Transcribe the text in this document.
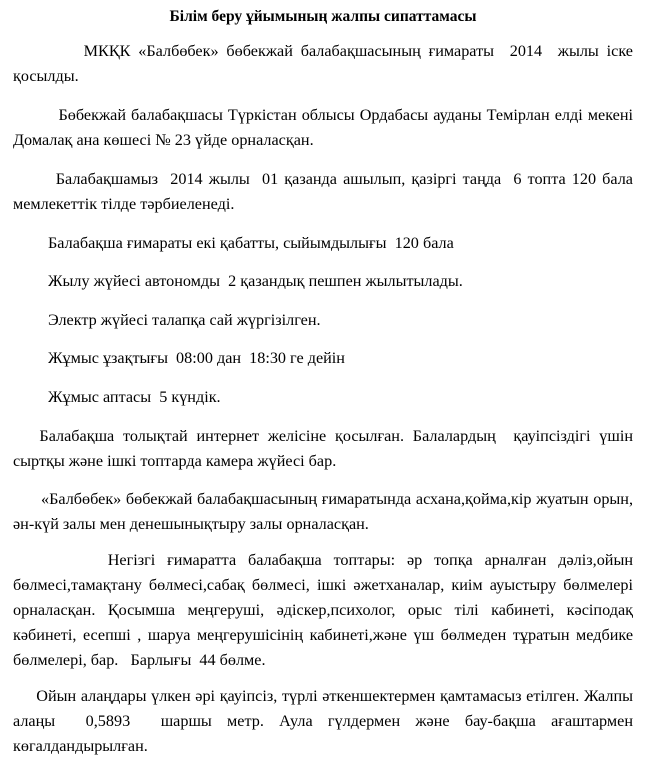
Білім беру ұйымының жалпы сипаттамасы
МКҚК «Балбөбек» бөбекжай балабақшасының ғимараты  2014  жылы іске қосылды.
Бөбекжай балабақшасы Түркістан облысы Ордабасы ауданы Темірлан елді мекені Домалақ ана көшесі № 23 үйде орналасқан.
Балабақшамыз  2014 жылы  01 қазанда ашылып, қазіргі таңда  6 топта 120 бала мемлекеттік тілде тәрбиеленеді.
Балабақша ғимараты екі қабатты, сыйымдылығы  120 бала
Жылу жүйесі автономды  2 қазандық пешпен жылытылады.
Электр жүйесі талапқа сай жүргізілген.
Жұмыс ұзақтығы  08:00 дан  18:30 ге дейін
Жұмыс аптасы  5 күндік.
Балабақша толықтай интернет желісіне қосылған. Балалардың  қауіпсіздігі үшін сыртқы және ішкі топтарда камера жүйесі бар.
«Балбөбек» бөбекжай балабақшасының ғимаратында асхана,қойма,кір жуатын орын, ән-күй залы мен денешынықтыру залы орналасқан.
Негізгі ғимаратта балабақша топтары: әр топқа арналған дәліз,ойын бөлмесі,тамақтану бөлмесі,сабақ бөлмесі, ішкі әжетханалар, киім ауыстыру бөлмелері орналасқан. Қосымша меңгеруші, әдіскер,психолог, орыс тілі кабинеті, кәсіподақ кәбинеті, есепші , шаруа меңгерушісінің кабинеті,және үш бөлмеден тұратын медбике бөлмелері, бар.   Барлығы  44 бөлме.
Ойын алаңдары үлкен әрі қауіпсіз, түрлі әткеншектермен қамтамасыз етілген. Жалпы алаңы  0,5893  шаршы метр. Аула гүлдермен және бау-бақша ағаштармен көгалдандырылған.
